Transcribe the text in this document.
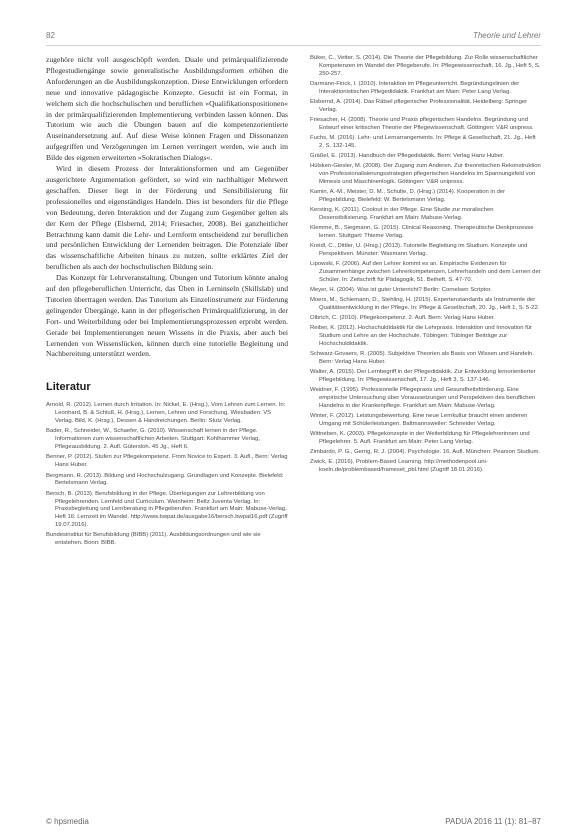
82	Theorie und Lehrer

zugehöre nicht voll ausgeschöpft werden. Duale und primärqualifizierende Pflegestudiengänge sowie generalistische Ausbildungsformen erhöhen die Anforderungen an die Ausbildungskonzeption. Diese Entwicklungen erfordern neue und innovative pädagogische Konzepte. Gesucht ist ein Format, in welchem sich die hochschulischen und beruflichen »Qualifikationspositionen« in der primärqualifizierenden Implementierung verbinden lassen können. Das Tutorium wie auch die Übungen bauen auf die kompetenzorientierte Auseinandersetzung auf. Auf diese Weise können Fragen und Dissonanzen aufgegriffen und Verzögerungen im Lernen verringert werden, wie auch im Bilde des eigenen erweiterten »Sokratischen Dialogs«.

Wird in diesem Prozess der Interaktionsformen und am Gegenüber ausgerichtete Argumentation gefördert, so wird ein nachhaltiger Mehrwert geschaffen. Dieser liegt in der Förderung und Sensibilisierung für professionelles und eigenständiges Handeln. Dies ist besonders für die Pflege von Bedeutung, deren Interaktion und der Zugang zum Gegenüber gelten als der Kern der Pflege (Elsbernd, 2014; Friesacher, 2008). Bei ganzheitlicher Betrachtung kann damit die Lehr- und Lernform entscheidend zur beruflichen und persönlichen Entwicklung der Lernenden beitragen. Die Potenziale über das wissenschaftliche Arbeiten hinaus zu nutzen, sollte erklärtes Ziel der beruflichen als auch der hochschulischen Bildung sein.

Das Konzept für Lehrveranstaltung, Übungen und Tutorium könnte analog auf den pflegeberuflichen Unterricht, das Üben in Lerninseln (Skillslab) und Tutorien übertragen werden. Das Tutorium als Einzelinstrument zur Förderung gelingender Übergänge, kann in der pflegerischen Primärqualifizierung, in der Fort- und Weiterbildung oder bei Implementierungsprozessen erprobt werden. Gerade bei Implementierungen neuen Wissens in die Praxis, aber auch bei Lernenden von Wissenslücken, können durch eine tutorielle Begleitung und Nachbereitung unterstützt werden.

Literatur
Arnold, R. (2012). Lernen durch Irritation. In: Nickel, E. (Hrsg.), Vom Lehren zum Lernen. In: Leonhard, B. & Schluß, H. (Hrsg.), Lernen, Lehren und Forschung. Wiesbaden: VS Verlag. Bild, K. (Hrsg.), Dessen & Handreichungen. Berlin: Stutz Verlag.
Bader, R., Schneider, W., Schaefer, G. (2010). Wissenschaft lernen in der Pflege. Informationen zum wissenschaftlichen Arbeiten. Stuttgart: Kohlhammer Verlag, Pflegeausbildung. 2. Aufl. Gütersloh. 45 Jg., Heft 6.
Benner, P. (2012). Stufen zur Pflegekompetenz. From Novice to Expert. 3. Aufl., Bern: Verlag Hans Huber.
Bergmann, R. (2013). Bildung und Hochschulzugang. Grundlagen und Konzepte. Bielefeld: Bertelsmann Verlag.
Bersch, B. (2013). Berufsbildung in der Pflege. Überlegungen zur Lehrerbildung von Pflegelehrenden. Lernfeld und Curriculum. Weinheim: Beltz Juventa Verlag. In: Praxisbegleitung und Lernberatung in Pflegeberufen. Frankfurt am Main: Mabuse-Verlag. Heft 16: Lernzeit im Wandel. http://www.bwpat.de/ausgabe16/bersch.bwpat16.pdf (Zugriff 19.07.2016).
Bundesinstitut für Berufsbildung (BIBB) (2011). Ausbildungsordnungen und wie sie entstehen. Bonn: BIBB.
Büker, C., Vetter, S. (2014). Die Theorie der Pflegebildung. Zur Rolle wissenschaftlicher Kompetenzen im Wandel der Pflegeberufe. In: Pflegewissenschaft, 16. Jg., Heft 5, S. 250-257.
Darmann-Finck, I. (2010). Interaktion im Pflegeunterricht. Begründungslinien der Interaktionistischen Pflegedidaktik. Frankfurt am Main: Peter Lang Verlag.
Elsbernd, A. (2014). Das Rätsel pflegerischer Professionalität. Heidelberg: Springer Verlag.
Friesacher, H. (2008). Theorie und Praxis pflegerischen Handelns. Begründung und Entwurf einer kritischen Theorie der Pflegewissenschaft. Göttingen: V&R unipress.
Fuchs, M. (2016). Lehr- und Lernarrangements. In: Pflege & Gesellschaft, 21. Jg., Heft 2, S. 132-145.
Gräßel, E. (2013). Handbuch der Pflegedidaktik. Bern: Verlag Hans Huber.
Hülsken-Giesler, M. (2008). Der Zugang zum Anderen. Zur theoretischen Rekonstruktion von Professionalisierungsstrategien pflegerischen Handelns im Spannungsfeld von Mimesis und Maschinenlogik. Göttingen: V&R unipress.
Kamin, A.-M., Meister, D. M., Schulte, D. (Hrsg.) (2014). Kooperation in der Pflegebildung. Bielefeld: W. Bertelsmann Verlag.
Kersting, K. (2011). Coolout in der Pflege. Eine Studie zur moralischen Desensibilisierung. Frankfurt am Main: Mabuse-Verlag.
Klemme, B., Siegmann, G. (2015). Clinical Reasoning. Therapeutische Denkprozesse lernen. Stuttgart: Thieme Verlag.
Kreidl, C., Dittler, U. (Hrsg.) (2013). Tutorielle Begleitung im Studium. Konzepte und Perspektiven. Münster: Waxmann Verlag.
Lipowski, F. (2006). Auf den Lehrer kommt es an. Empirische Evidenzen für Zusammenhänge zwischen Lehrerkompetenzen, Lehrerhandeln und dem Lernen der Schüler. In: Zeitschrift für Pädagogik, 51. Beiheft, S. 47-70.
Meyer, H. (2004). Was ist guter Unterricht? Berlin: Cornelsen Scriptor.
Moers, M., Schiemann, D., Stehling, H. (2015). Expertenstandards als Instrumente der Qualitätsentwicklung in der Pflege. In: Pflege & Gesellschaft, 20. Jg., Heft 1, S. 5-22.
Olbrich, C. (2010). Pflegekompetenz. 2. Aufl. Bern: Verlag Hans Huber.
Reiber, K. (2012). Hochschuldidaktik für die Lehrpraxis. Interaktion und Innovation für Studium und Lehre an der Hochschule. Tübingen: Tübinger Beiträge zur Hochschuldidaktik.
Schwarz-Govaers, R. (2005). Subjektive Theorien als Basis von Wissen und Handeln. Bern: Verlag Hans Huber.
Walter, A. (2015). Der Lernbegriff in der Pflegedidaktik. Zur Entwicklung lernorientierter Pflegebildung. In: Pflegewissenschaft, 17. Jg., Heft 3, S. 137-146.
Weidner, F. (1995). Professionelle Pflegepraxis und Gesundheitsförderung. Eine empirische Untersuchung über Voraussetzungen und Perspektiven des beruflichen Handelns in der Krankenpflege. Frankfurt am Main: Mabuse-Verlag.
Winter, F. (2012). Leistungsbewertung. Eine neue Lernkultur braucht einen anderen Umgang mit Schülerleistungen. Baltmannsweiler: Schneider Verlag.
Wittneben, K. (2003). Pflegekonzepte in der Weiterbildung für Pflegelehrerinnen und Pflegelehrer. 5. Aufl. Frankfurt am Main: Peter Lang Verlag.
Zimbardo, P. G., Gerrig, R. J. (2004). Psychologie. 16. Aufl. München: Pearson Studium.
Zwick, E. (2016). Problem-Based Learning. http://methodenpool.uni-koeln.de/problembased/frameset_pbl.html (Zugriff 18.01.2016).
© hpsmedia	PADUA 2016 11 (1): 81–87
